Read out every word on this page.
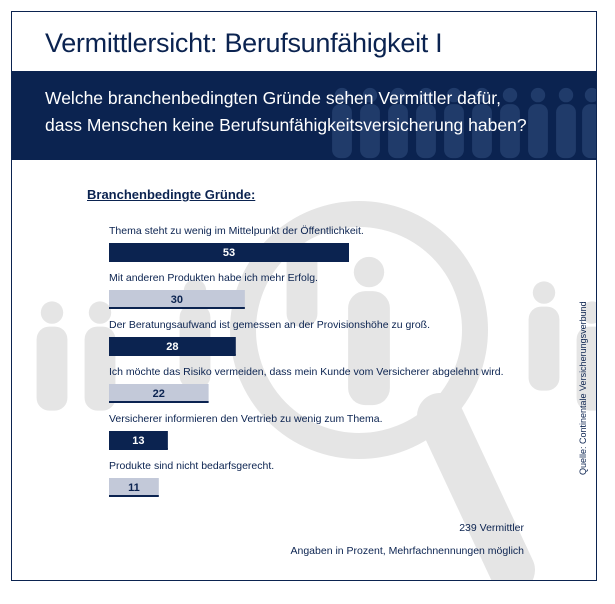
Vermittlersicht: Berufsunfähigkeit I
Welche branchenbedingten Gründe sehen Vermittler dafür,
dass Menschen keine Berufsunfähigkeitsversicherung haben?
Branchenbedingte Gründe:
Thema steht zu wenig im Mittelpunkt der Öffentlichkeit.
Mit anderen Produkten habe ich mehr Erfolg.
Der Beratungsaufwand ist gemessen an der Provisionshöhe zu groß.
Ich möchte das Risiko vermeiden, dass mein Kunde vom Versicherer abgelehnt wird.
Versicherer informieren den Vertrieb zu wenig zum Thema.
Produkte sind nicht bedarfsgerecht.
53
30
28
22
13
11
239 Vermittler
Angaben in Prozent, Mehrfachnennungen möglich
Quelle: Continentale Versicherungsverbund
